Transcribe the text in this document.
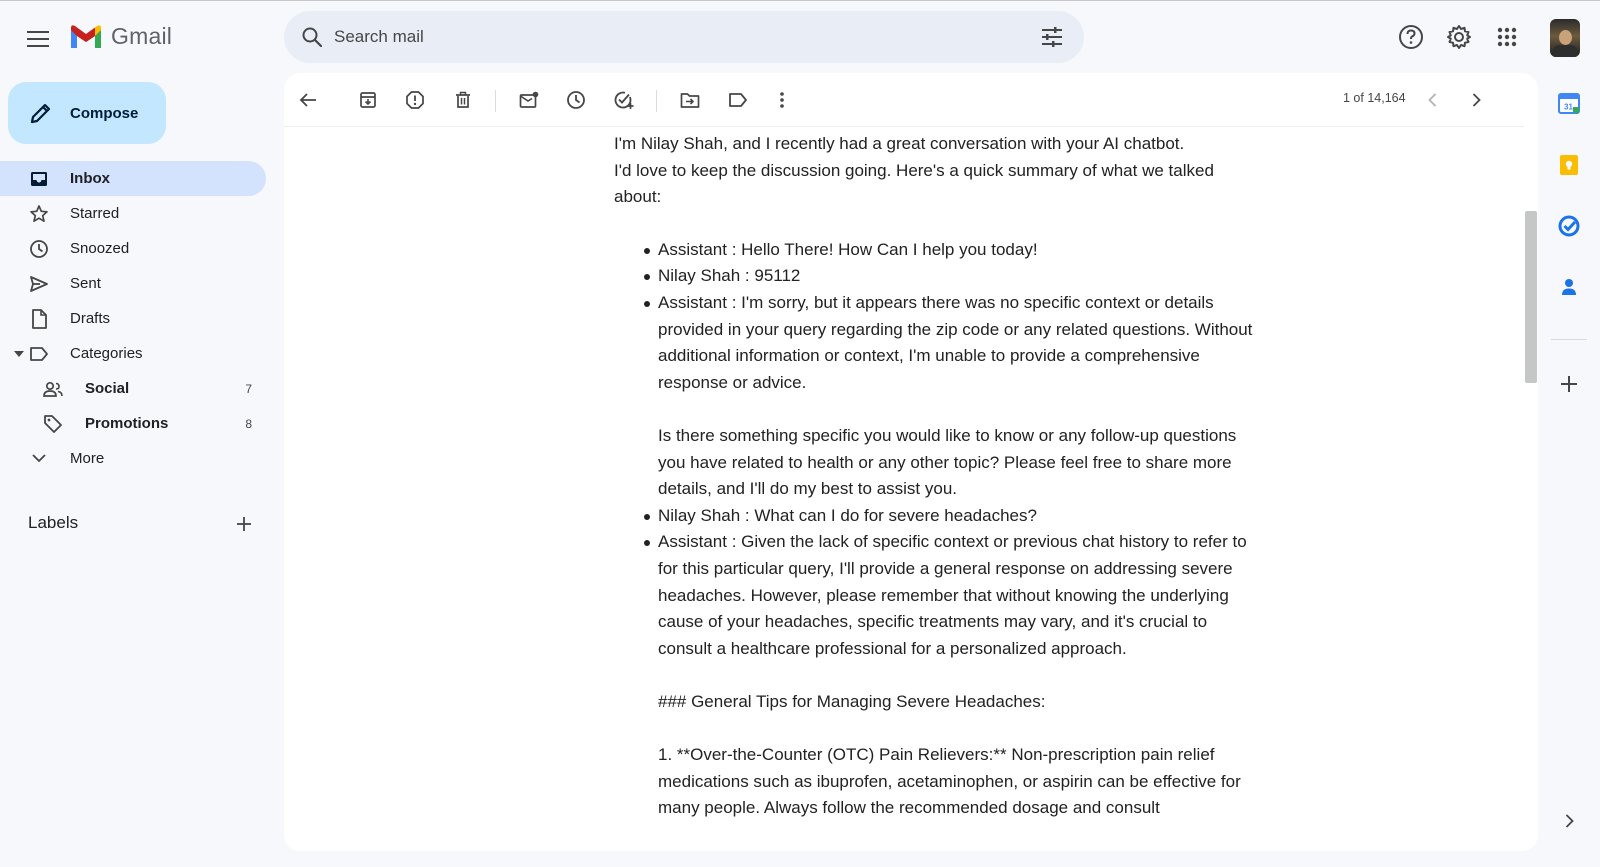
Gmail
Search mail
Compose
Inbox
Starred
Snoozed
Sent
Drafts
Categories
Social	7
Promotions	8
More
Labels
1 of 14,164

I'm Nilay Shah, and I recently had a great conversation with your AI chatbot.

I'd love to keep the discussion going. Here's a quick summary of what we talked about:

Assistant : Hello There! How Can I help you today!
Nilay Shah : 95112
Assistant : I'm sorry, but it appears there was no specific context or details provided in your query regarding the zip code or any related questions. Without additional information or context, I'm unable to provide a comprehensive response or advice.
Is there something specific you would like to know or any follow-up questions you have related to health or any other topic? Please feel free to share more details, and I'll do my best to assist you.
Nilay Shah : What can I do for severe headaches?
Assistant : Given the lack of specific context or previous chat history to refer to for this particular query, I'll provide a general response on addressing severe headaches. However, please remember that without knowing the underlying cause of your headaches, specific treatments may vary, and it's crucial to consult a healthcare professional for a personalized approach.
### General Tips for Managing Severe Headaches:
1. **Over-the-Counter (OTC) Pain Relievers:** Non-prescription pain relief medications such as ibuprofen, acetaminophen, or aspirin can be effective for many people. Always follow the recommended dosage and consult
31
